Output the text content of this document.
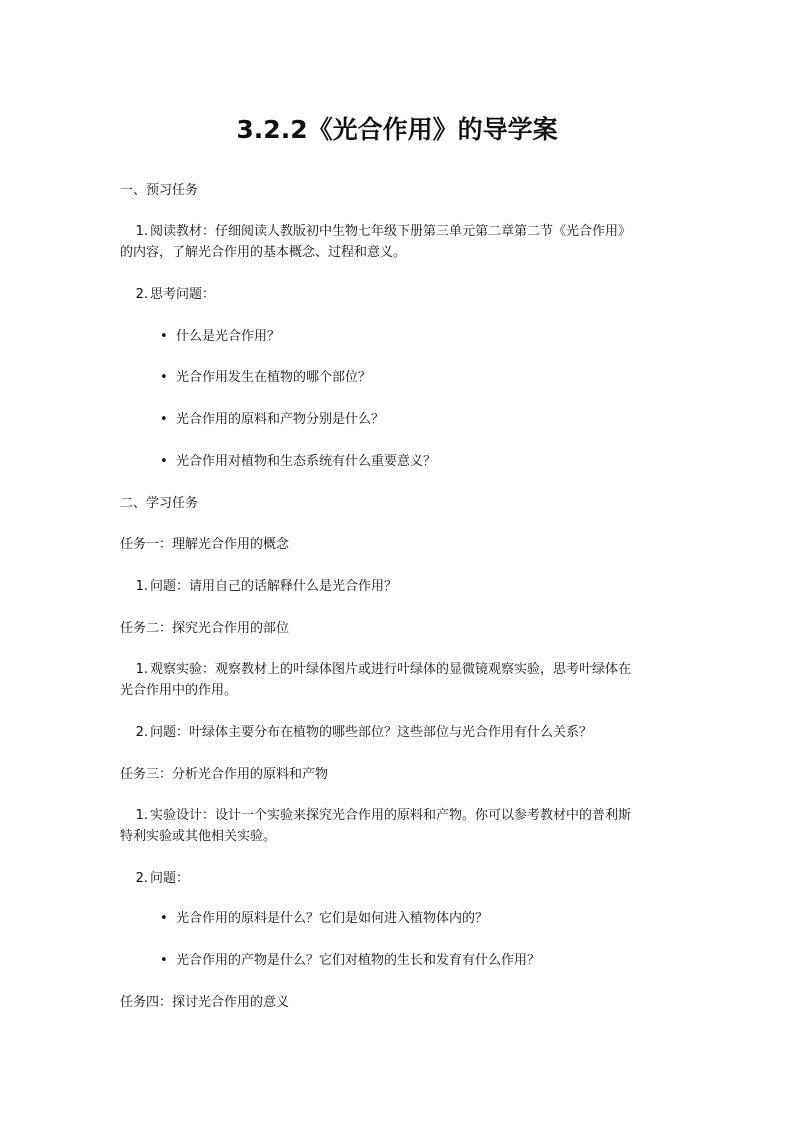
3.2.2《光合作用》的导学案
一、预习任务
1. 阅读教材：仔细阅读人教版初中生物七年级下册第三单元第二章第二节《光合作用》
的内容，了解光合作用的基本概念、过程和意义。
2. 思考问题：
• 什么是光合作用？
• 光合作用发生在植物的哪个部位？
• 光合作用的原料和产物分别是什么？
• 光合作用对植物和生态系统有什么重要意义？
二、学习任务
任务一：理解光合作用的概念
1. 问题：请用自己的话解释什么是光合作用？
任务二：探究光合作用的部位
1. 观察实验：观察教材上的叶绿体图片或进行叶绿体的显微镜观察实验，思考叶绿体在
光合作用中的作用。
2. 问题：叶绿体主要分布在植物的哪些部位？这些部位与光合作用有什么关系？
任务三：分析光合作用的原料和产物
1. 实验设计：设计一个实验来探究光合作用的原料和产物。你可以参考教材中的普利斯
特利实验或其他相关实验。
2. 问题：
• 光合作用的原料是什么？它们是如何进入植物体内的？
• 光合作用的产物是什么？它们对植物的生长和发育有什么作用？
任务四：探讨光合作用的意义
